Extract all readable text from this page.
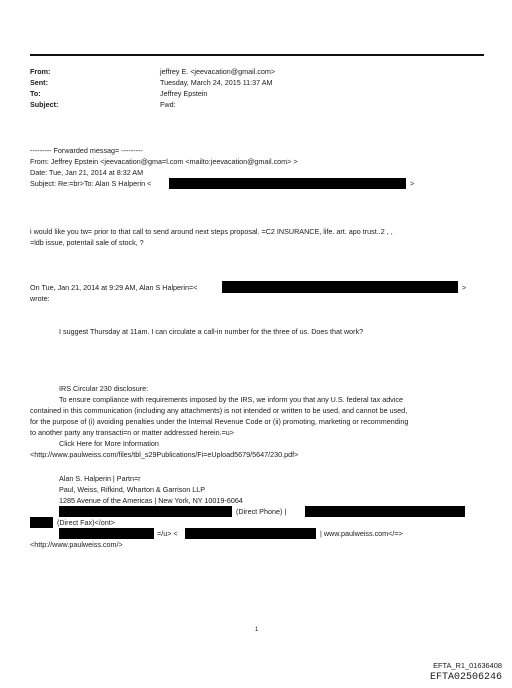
From:	jeffrey E. <jeevacation@gmail.com>
Sent:	Tuesday, March 24, 2015 11:37 AM
To:	Jeffrey Epstein
Subject:	Fwd:
--------- Forwarded messag= ---------
From: Jeffrey Epstein <jeevacation@gma=l.com <mailto:jeevacation@gmail.com> >
Date: Tue, Jan 21, 2014 at 8:32 AM
Subject: Re:=br>To: Alan S Halperin <	>
i would like you tw= prior to that call to send around next steps proposal. =C2 INSURANCE, life. art. apo trust..2 , ,
=ldb issue, potentail sale of stock, ?
On Tue, Jan 21, 2014 at 9:29 AM, Alan S Halperin=<	>
wrote:
I suggest Thursday at 11am. I can circulate a call-in number for the three of us. Does that work?
IRS Circular 230 disclosure:
To ensure compliance with requirements imposed by the IRS, we inform you that any U.S. federal tax advice
contained in this communication (including any attachments) is not intended or written to be used, and cannot be used,
for the purpose of (i) avoiding penalties under the Internal Revenue Code or (ii) promoting, marketing or recommending
to another party any transacti=n or matter addressed herein.=u>
Click Here for More Information
<http://www.paulweiss.com/files/tbl_s29Publications/Fi=eUpload5679/5647/230.pdf>
Alan S. Halperin | Partn=r
Paul, Weiss, Rifkind, Wharton & Garrison LLP
1285 Avenue of the Americas | New York, NY 10019-6064
(Direct Phone) |
(Direct Fax)</ont>
=/u> <	| www.paulweiss.com</=>
<http://www.paulweiss.com/>
1
EFTA_R1_01636408
EFTA02506246
